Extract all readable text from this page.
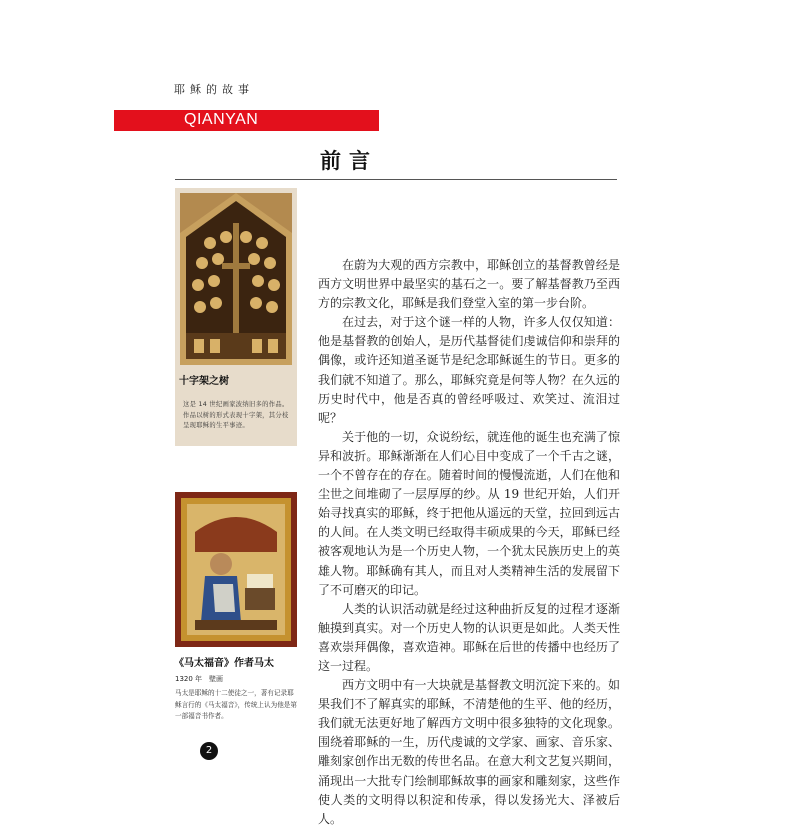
耶稣的故事
QIANYAN
前言
十字架之树
这是 14 世纪画家波纳旧多的作品。作品以树的形式表现十字架，其分枝呈现耶稣的生平事迹。
《马太福音》作者马太
1320 年　壁画
马太是耶稣的十二使徒之一，著有记录耶稣言行的《马太福音》，传统上认为他是第一部福音书作者。
2

在蔚为大观的西方宗教中，耶稣创立的基督教曾经是西方文明世界中最坚实的基石之一。要了解基督教乃至西方的宗教文化，耶稣是我们登堂入室的第一步台阶。

在过去，对于这个谜一样的人物，许多人仅仅知道：他是基督教的创始人，是历代基督徒们虔诚信仰和崇拜的偶像，或许还知道圣诞节是纪念耶稣诞生的节日。更多的我们就不知道了。那么，耶稣究竟是何等人物？在久远的历史时代中，他是否真的曾经呼吸过、欢笑过、流泪过呢？

关于他的一切，众说纷纭，就连他的诞生也充满了惊异和波折。耶稣渐渐在人们心目中变成了一个千古之谜，一个不曾存在的存在。随着时间的慢慢流逝，人们在他和尘世之间堆砌了一层厚厚的纱。从 19 世纪开始，人们开始寻找真实的耶稣，终于把他从遥远的天堂，拉回到远古的人间。在人类文明已经取得丰硕成果的今天，耶稣已经被客观地认为是一个历史人物，一个犹太民族历史上的英雄人物。耶稣确有其人，而且对人类精神生活的发展留下了不可磨灭的印记。

人类的认识活动就是经过这种曲折反复的过程才逐渐触摸到真实。对一个历史人物的认识更是如此。人类天性喜欢崇拜偶像，喜欢造神。耶稣在后世的传播中也经历了这一过程。

西方文明中有一大块就是基督教文明沉淀下来的。如果我们不了解真实的耶稣，不清楚他的生平、他的经历，我们就无法更好地了解西方文明中很多独特的文化现象。围绕着耶稣的一生，历代虔诚的文学家、画家、音乐家、雕刻家创作出无数的传世名品。在意大利文艺复兴期间，涌现出一大批专门绘制耶稣故事的画家和雕刻家，这些作使人类的文明得以积淀和传承，得以发扬光大、泽被后人。
